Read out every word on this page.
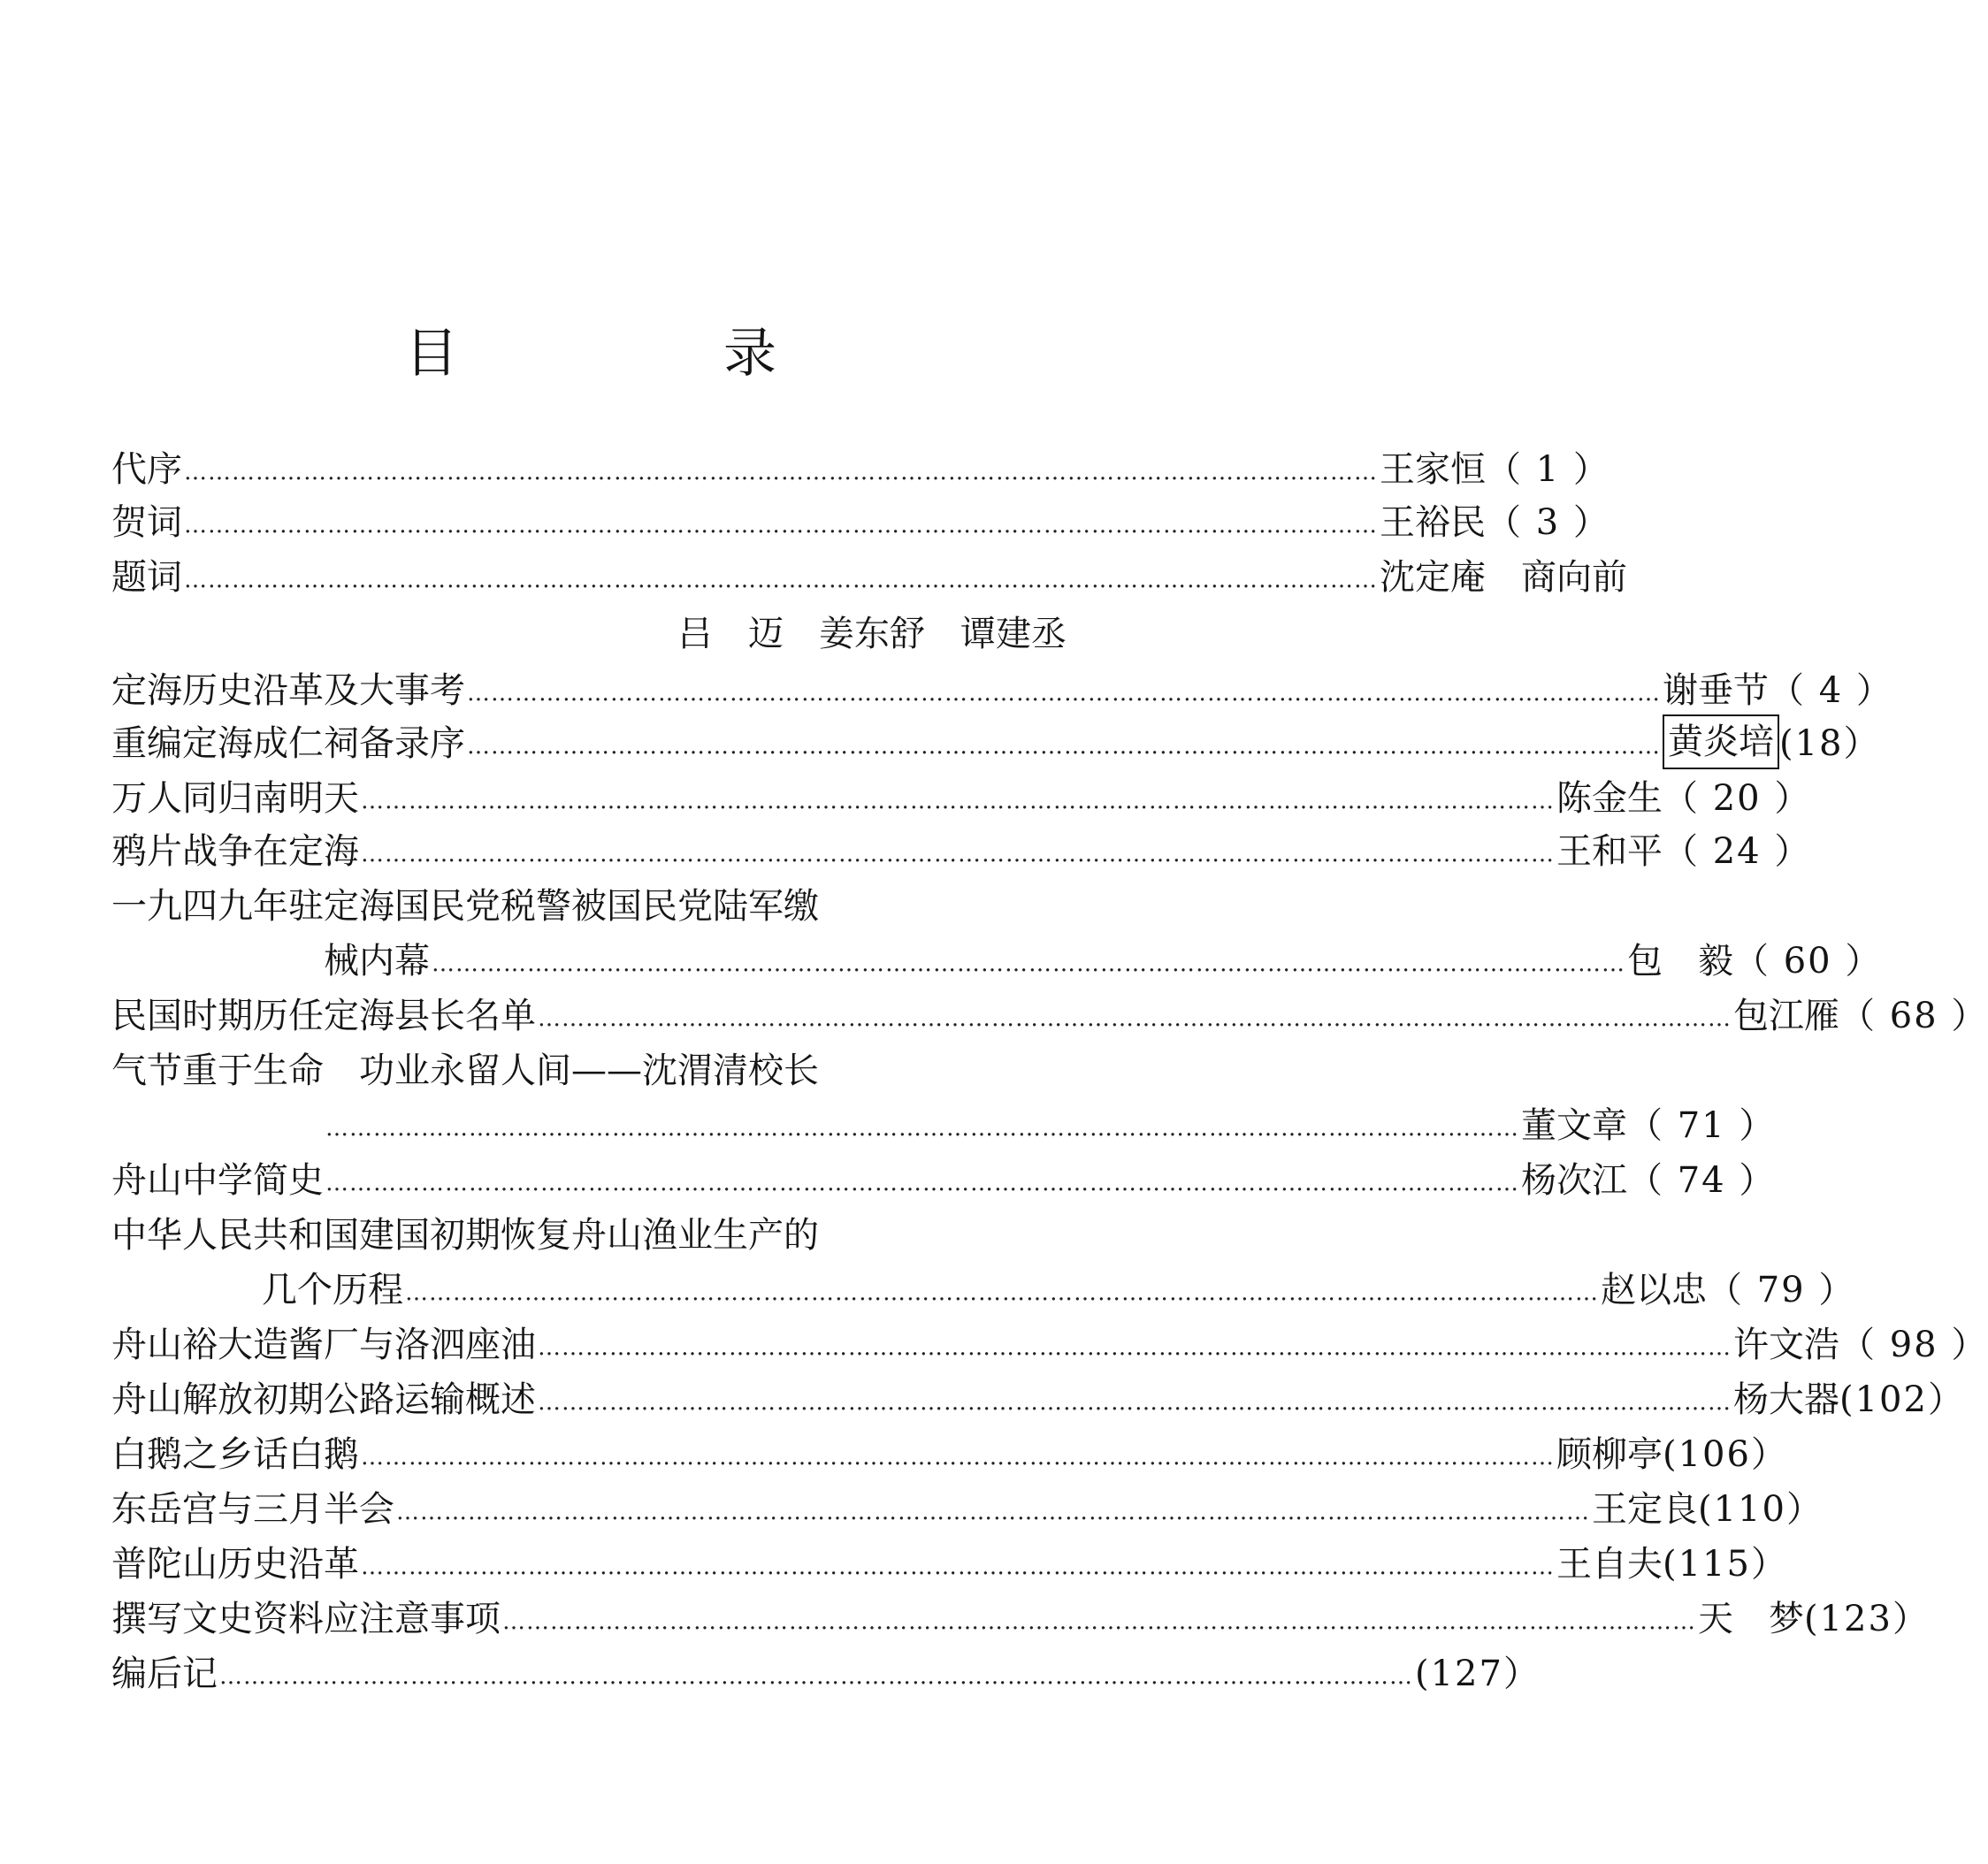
目　录
代序 …………………………………………………………………………………………………………………………………… 王家恒 （ 1 ）
贺词 …………………………………………………………………………………………………………………………………… 王裕民 （ 3 ）
题词 …………………………………………………………………………………………………………………………………… 沈定庵　商向前
吕　迈　姜东舒　谭建丞
定海历史沿革及大事考 …………………………………………………………………………………………………………………………………… 谢垂节 （ 4 ）
重编定海成仁祠备录序 …………………………………………………………………………………………………………………………………… 黄炎培 (18）
万人同归南明天 …………………………………………………………………………………………………………………………………… 陈金生 （ 20 ）
鸦片战争在定海 …………………………………………………………………………………………………………………………………… 王和平 （ 24 ）
一九四九年驻定海国民党税警被国民党陆军缴
械内幕 …………………………………………………………………………………………………………………………………… 包　毅 （ 60 ）
民国时期历任定海县长名单 …………………………………………………………………………………………………………………………………… 包江雁 （ 68 ）
气节重于生命　功业永留人间——沈渭清校长
…………………………………………………………………………………………………………………………………… 董文章 （ 71 ）
舟山中学简史 …………………………………………………………………………………………………………………………………… 杨次江 （ 74 ）
中华人民共和国建国初期恢复舟山渔业生产的
几个历程 …………………………………………………………………………………………………………………………………… 赵以忠 （ 79 ）
舟山裕大造酱厂与洛泗座油 …………………………………………………………………………………………………………………………………… 许文浩 （ 98 ）
舟山解放初期公路运输概述 …………………………………………………………………………………………………………………………………… 杨大器 (102）
白鹅之乡话白鹅 …………………………………………………………………………………………………………………………………… 顾柳亭 (106）
东岳宫与三月半会 …………………………………………………………………………………………………………………………………… 王定良 (110）
普陀山历史沿革 …………………………………………………………………………………………………………………………………… 王自夫 (115）
撰写文史资料应注意事项 …………………………………………………………………………………………………………………………………… 天　梦 (123）
编后记 …………………………………………………………………………………………………………………………………… (127）
